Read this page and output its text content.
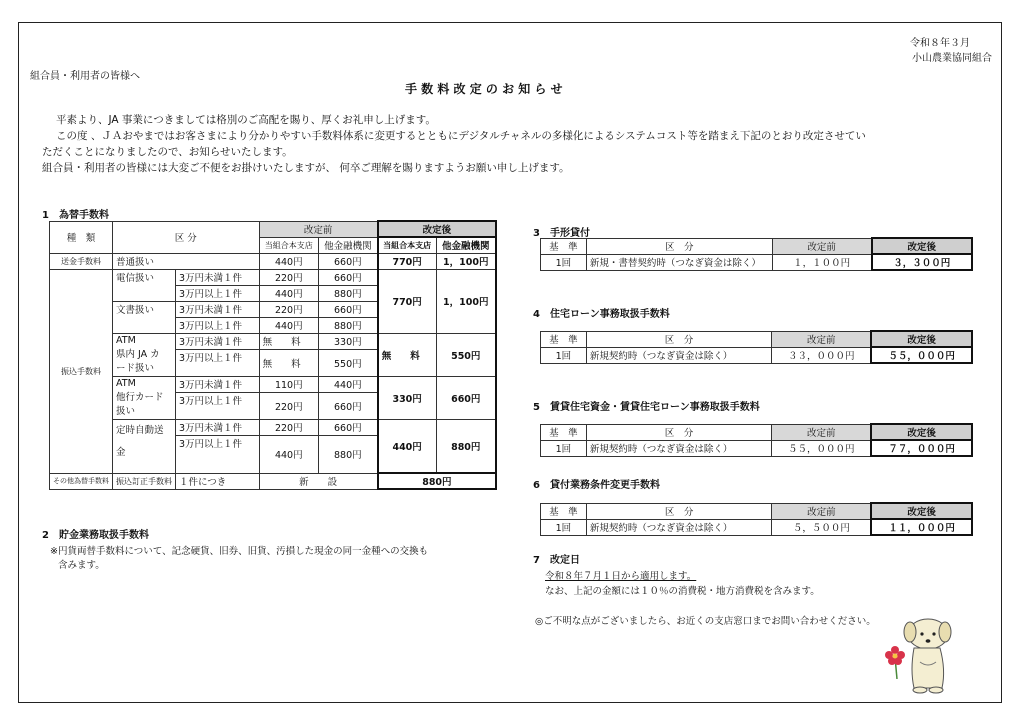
令和８年３月
小山農業協同組合
組合員・利用者の皆様へ
手 数 料 改 定 の お 知 ら せ
平素より、JA 事業につきましては格別のご高配を賜り、厚くお礼申し上げます。
この度 、ＪＡおやまではお客さまにより分かりやすい手数料体系に変更するとともにデジタルチャネルの多様化によるシステムコスト等を踏まえ下記のとおり改定させてい
ただくことになりましたので、お知らせいたします。
組合員・利用者の皆様には大変ご不便をお掛けいたしますが、 何卒ご理解を賜りますようお願い申し上げます。
1　為替手数料
種　類	区 分		改定前		改定後	
			当組合本支店	他金融機関	当組合本支店	他金融機関
送金手数料	普通扱い		440円	660円	770円	1，100円
振込手数料	電信扱い	3万円未満１件	220円	660円	770円	1，100円
		3万円以上１件	440円	880円		
	文書扱い	3万円未満１件	220円	660円		
		3万円以上１件	440円	880円		

	ATM
県内 JA カ
ード扱い	3万円未満１件	無　　料	330円	無　　料	550円
		3万円以上１件	無　　料	550円		

	ATM
他行カード
扱い	3万円未満１件	110円	440円	330円	660円
		3万円以上１件	220円	660円		

	定時自動送
金	3万円未満１件	220円	660円	440円	880円
		3万円以上１件	440円	880円		

その他為替手数料	振込訂正手数料	１件につき	新　　設		880円	
2　貯金業務取扱手数料
※円貨両替手数料について、記念硬貨、旧券、旧貨、汚損した現金の同一金種への交換も
含みます。
3　手形貸付
基　準	区　分	改定前	改定後
1回	新規・書替契約時（つなぎ資金は除く）	１，１００円	３，３００円
4　住宅ローン事務取扱手数料
基　準	区　分	改定前	改定後
1回	新規契約時（つなぎ資金は除く）	３３，０００円	５５，０００円
5　賃貸住宅資金・賃貸住宅ローン事務取扱手数料
基　準	区　分	改定前	改定後
1回	新規契約時（つなぎ資金は除く）	５５，０００円	７７，０００円
6　貸付業務条件変更手数料
基　準	区　分	改定前	改定後
1回	新規契約時（つなぎ資金は除く）	５，５００円	１１，０００円
7　改定日
令和８年７月１日から適用します。
なお、上記の金額には１０％の消費税・地方消費税を含みます。
◎ご不明な点がございましたら、お近くの支店窓口までお問い合わせください。
